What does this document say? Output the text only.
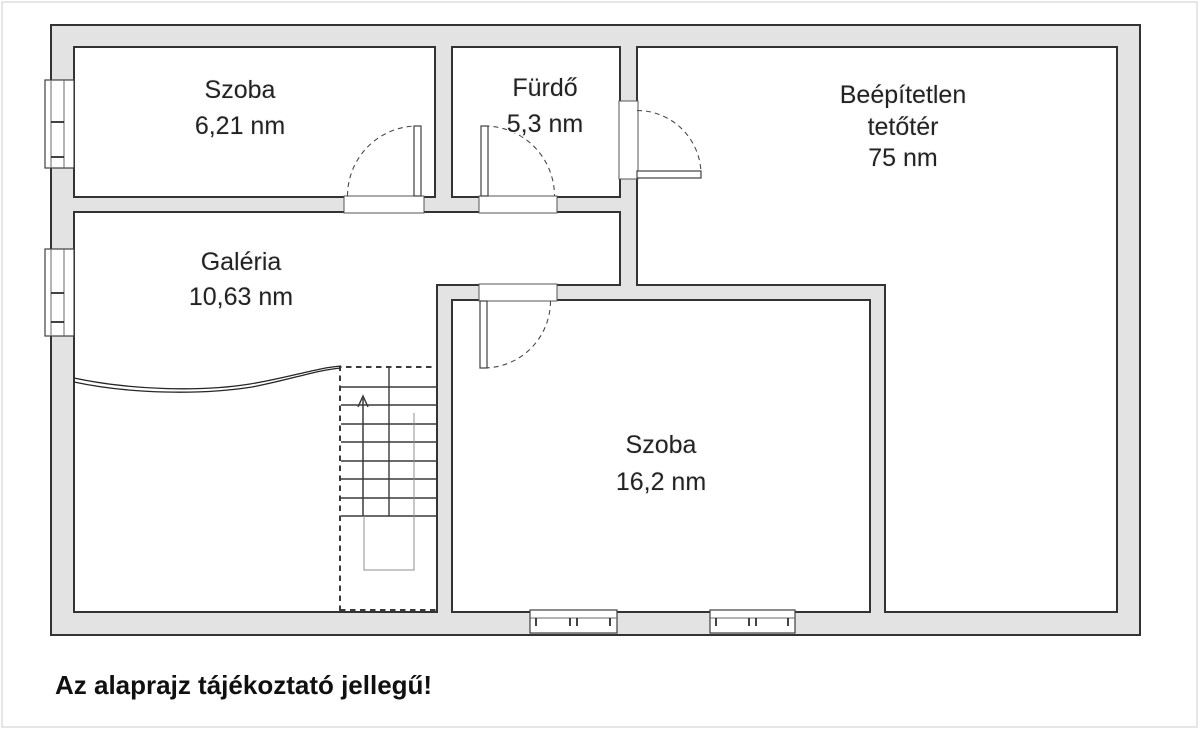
Szoba
6,21 nm
Fürdő
5,3 nm
Beépítetlen
tetőtér
75 nm
Galéria
10,63 nm
Szoba
16,2 nm
Az alaprajz tájékoztató jellegű!
